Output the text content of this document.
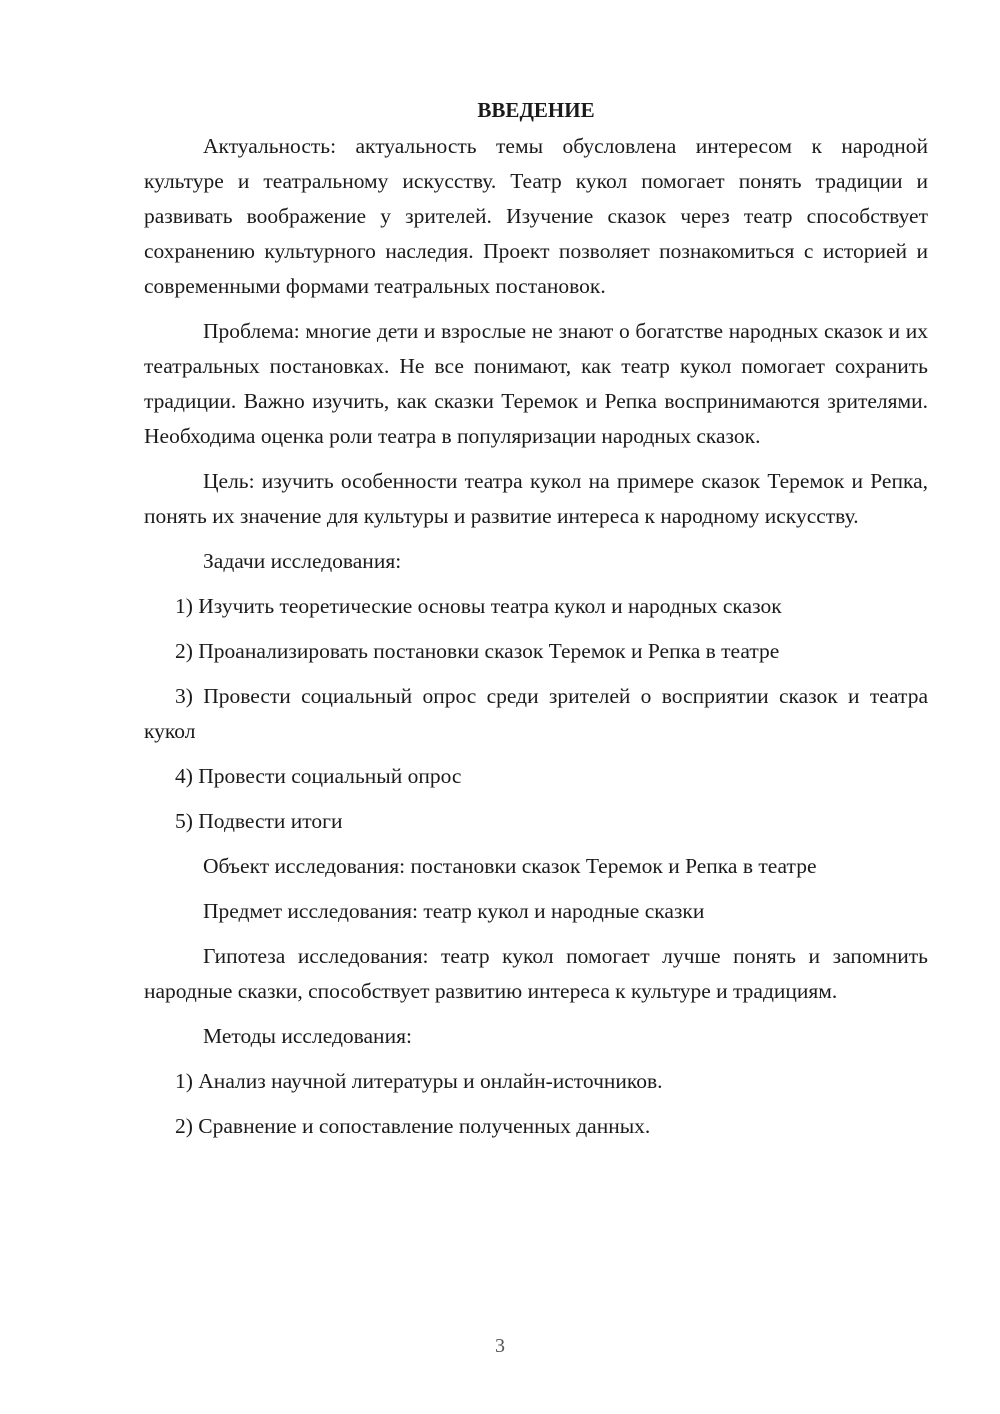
ВВЕДЕНИЕ

Актуальность: актуальность темы обусловлена интересом к народной культуре и театральному искусству. Театр кукол помогает понять традиции и развивать воображение у зрителей. Изучение сказок через театр способствует сохранению культурного наследия. Проект позволяет познакомиться с историей и современными формами театральных постановок.

Проблема: многие дети и взрослые не знают о богатстве народных сказок и их театральных постановках. Не все понимают, как театр кукол помогает сохранить традиции. Важно изучить, как сказки Теремок и Репка воспринимаются зрителями. Необходима оценка роли театра в популяризации народных сказок.

Цель: изучить особенности театра кукол на примере сказок Теремок и Репка, понять их значение для культуры и развитие интереса к народному искусству.

Задачи исследования:
1) Изучить теоретические основы театра кукол и народных сказок
2) Проанализировать постановки сказок Теремок и Репка в театре

3) Провести социальный опрос среди зрителей о восприятии сказок и театра кукол

4) Провести социальный опрос
5) Подвести итоги
Объект исследования: постановки сказок Теремок и Репка в театре
Предмет исследования: театр кукол и народные сказки

Гипотеза исследования: театр кукол помогает лучше понять и запомнить народные сказки, способствует развитию интереса к культуре и традициям.

Методы исследования:
1) Анализ научной литературы и онлайн-источников.
2) Сравнение и сопоставление полученных данных.
3
